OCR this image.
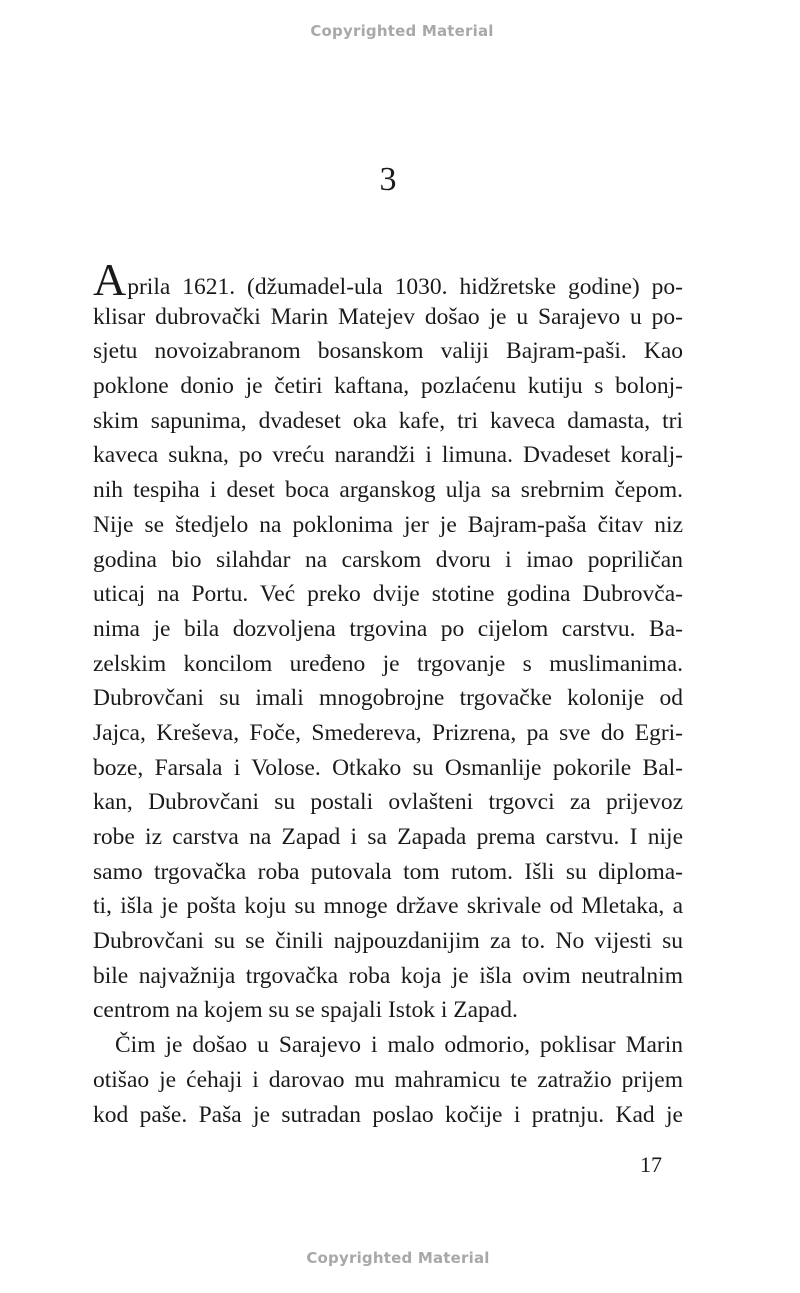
Copyrighted Material
3
Aprila 1621. (džumadel-ula 1030. hidžretske godine) po-
klisar dubrovački Marin Matejev došao je u Sarajevo u po-
sjetu novoizabranom bosanskom valiji Bajram-paši. Kao
poklone donio je četiri kaftana, pozlaćenu kutiju s bolonj-
skim sapunima, dvadeset oka kafe, tri kaveca damasta, tri
kaveca sukna, po vreću narandži i limuna. Dvadeset koralj-
nih tespiha i deset boca arganskog ulja sa srebrnim čepom.
Nije se štedjelo na poklonima jer je Bajram-paša čitav niz
godina bio silahdar na carskom dvoru i imao popriličan
uticaj na Portu. Već preko dvije stotine godina Dubrovča-
nima je bila dozvoljena trgovina po cijelom carstvu. Ba-
zelskim koncilom uređeno je trgovanje s muslimanima.
Dubrovčani su imali mnogobrojne trgovačke kolonije od
Jajca, Kreševa, Foče, Smedereva, Prizrena, pa sve do Egri-
boze, Farsala i Volose. Otkako su Osmanlije pokorile Bal-
kan, Dubrovčani su postali ovlašteni trgovci za prijevoz
robe iz carstva na Zapad i sa Zapada prema carstvu. I nije
samo trgovačka roba putovala tom rutom. Išli su diploma-
ti, išla je pošta koju su mnoge države skrivale od Mletaka, a
Dubrovčani su se činili najpouzdanijim za to. No vijesti su
bile najvažnija trgovačka roba koja je išla ovim neutralnim
centrom na kojem su se spajali Istok i Zapad.
Čim je došao u Sarajevo i malo odmorio, poklisar Marin
otišao je ćehaji i darovao mu mahramicu te zatražio prijem
kod paše. Paša je sutradan poslao kočije i pratnju. Kad je
17
Copyrighted Material
